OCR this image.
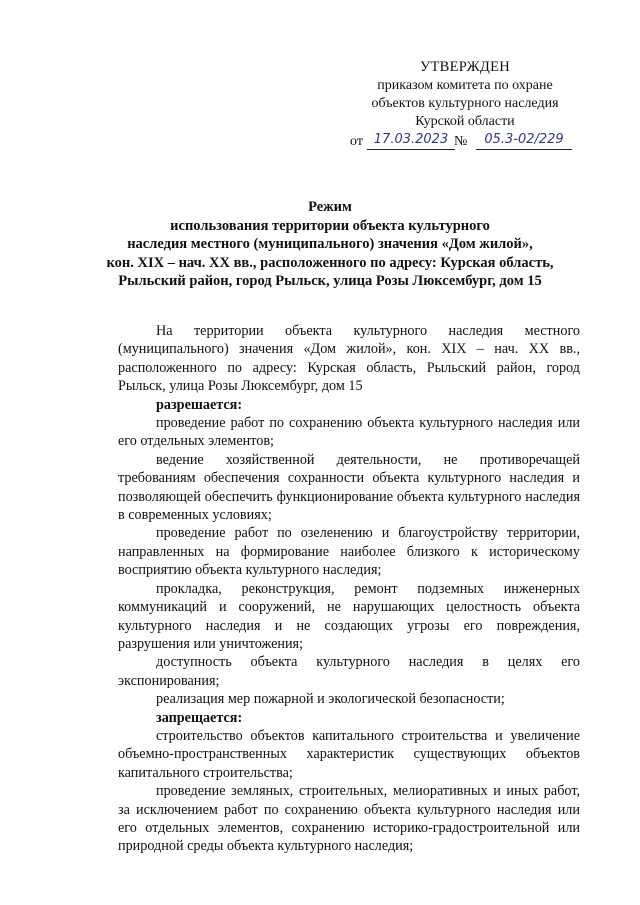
УТВЕРЖДЕН
приказом комитета по охране
объектов культурного наследия
Курской области
от 17.03.2023 №	05.3-02/229
Режим
использования территории объекта культурного
наследия местного (муниципального) значения «Дом жилой»,
кон. XIX – нач. XX вв., расположенного по адресу: Курская область,
Рыльский район, город Рыльск, улица Розы Люксембург, дом 15

На территории объекта культурного наследия местного (муниципального) значения «Дом жилой», кон. XIX – нач. XX вв., расположенного по адресу: Курская область, Рыльский район, город Рыльск, улица Розы Люксембург, дом 15

разрешается:

проведение работ по сохранению объекта культурного наследия или его отдельных элементов;

ведение хозяйственной деятельности, не противоречащей требованиям обеспечения сохранности объекта культурного наследия и позволяющей обеспечить функционирование объекта культурного наследия в современных условиях;

проведение работ по озеленению и благоустройству территории, направленных на формирование наиболее близкого к историческому восприятию объекта культурного наследия;

прокладка, реконструкция, ремонт подземных инженерных коммуникаций и сооружений, не нарушающих целостность объекта культурного наследия и не создающих угрозы его повреждения, разрушения или уничтожения;

доступность объекта культурного наследия в целях его экспонирования;

реализация мер пожарной и экологической безопасности;

запрещается:

строительство объектов капитального строительства и увеличение объемно-пространственных характеристик существующих объектов капитального строительства;

проведение земляных, строительных, мелиоративных и иных работ, за исключением работ по сохранению объекта культурного наследия или его отдельных элементов, сохранению историко-градостроительной или природной среды объекта культурного наследия;
